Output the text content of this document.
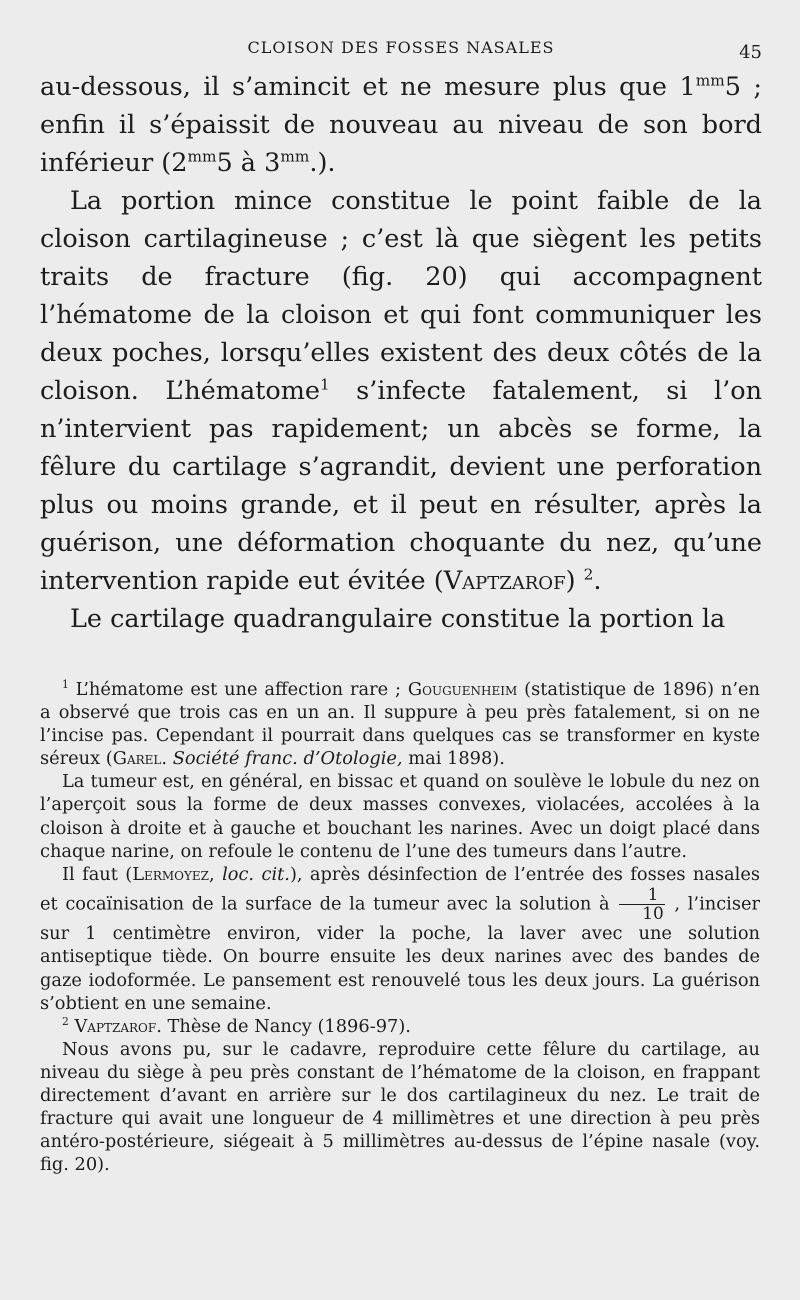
CLOISON DES FOSSES NASALES	45

au-dessous, il s’amincit et ne mesure plus que $1^{mm}5$ ; enfin il s’épaissit de nouveau au niveau de son bord inférieur ($2^{mm}5$ à $3^{mm}$.).

La portion mince constitue le point faible de la cloison cartilagineuse ; c’est là que siègent les petits traits de fracture (fig. 20) qui accompagnent l’hématome de la cloison et qui font communiquer les deux poches, lorsqu’elles existent des deux côtés de la cloison. L’hématome$^1$ s’infecte fatalement, si l’on n’intervient pas rapidement; un abcès se forme, la fêlure du cartilage s’agrandit, devient une perforation plus ou moins grande, et il peut en résulter, après la guérison, une déformation choquante du nez, qu’une intervention rapide eut évitée (Vaptzarof) $^2$.

Le cartilage quadrangulaire constitue la portion la

$^1$ L’hématome est une affection rare ; Gouguenheim (statistique de 1896) n’en a observé que trois cas en un an. Il suppure à peu près fatalement, si on ne l’incise pas. Cependant il pourrait dans quelques cas se transformer en kyste séreux (Garel. Société franc. d’Otologie, mai 1898).

La tumeur est, en général, en bissac et quand on soulève le lobule du nez on l’aperçoit sous la forme de deux masses convexes, violacées, accolées à la cloison à droite et à gauche et bouchant les narines. Avec un doigt placé dans chaque narine, on refoule le contenu de l’une des tumeurs dans l’autre.

Il faut (Lermoyez, loc. cit.), après désinfection de l’entrée des fosses nasales et cocaïnisation de la surface de la tumeur avec la solution à $\frac{1}{10}$ , l’inciser sur 1 centimètre environ, vider la poche, la laver avec une solution antiseptique tiède. On bourre ensuite les deux narines avec des bandes de gaze iodoformée. Le pansement est renouvelé tous les deux jours. La guérison s’obtient en une semaine.

$^2$ Vaptzarof. Thèse de Nancy (1896-97).

Nous avons pu, sur le cadavre, reproduire cette fêlure du cartilage, au niveau du siège à peu près constant de l’hématome de la cloison, en frappant directement d’avant en arrière sur le dos cartilagineux du nez. Le trait de fracture qui avait une longueur de 4 millimètres et une direction à peu près antéro-postérieure, siégeait à 5 millimètres au-dessus de l’épine nasale (voy. fig. 20).
